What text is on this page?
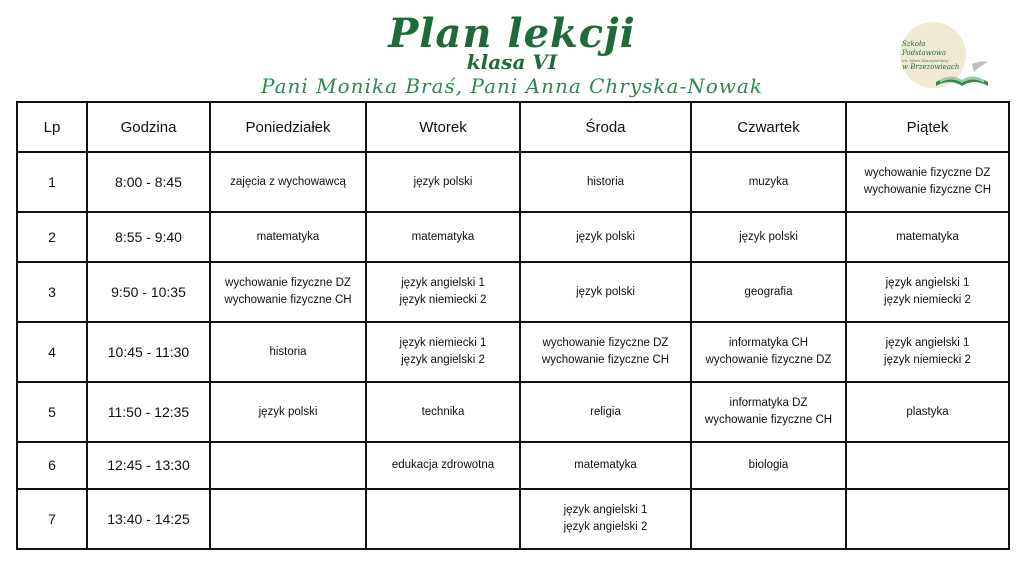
Plan lekcji
klasa VI
Pani Monika Braś, Pani Anna Chryska-Nowak
Szkoła Podstawowa
im. Marii Konopnickiej
w Brzezowieach
Lp	Godzina	Poniedziałek	Wtorek	Środa	Czwartek	Piątek
1	8:00 - 8:45	zajęcia z wychowawcą	język polski	historia	muzyka	wychowanie fizyczne DZ
wychowanie fizyczne CH

2	8:55 - 9:40	matematyka	matematyka	język polski	język polski	matematyka

3	9:50 - 10:35	wychowanie fizyczne DZ
wychowanie fizyczne CH	język angielski 1
język niemiecki 2	język polski	geografia	język angielski 1
język niemiecki 2

4	10:45 - 11:30	historia	język niemiecki 1
język angielski 2	wychowanie fizyczne DZ
wychowanie fizyczne CH	informatyka CH
wychowanie fizyczne DZ	język angielski 1
język niemiecki 2

5	11:50 - 12:35	język polski	technika	religia	informatyka DZ
wychowanie fizyczne CH	plastyka

6	12:45 - 13:30		edukacja zdrowotna	matematyka	biologia	

7	13:40 - 14:25			język angielski 1
język angielski 2		
